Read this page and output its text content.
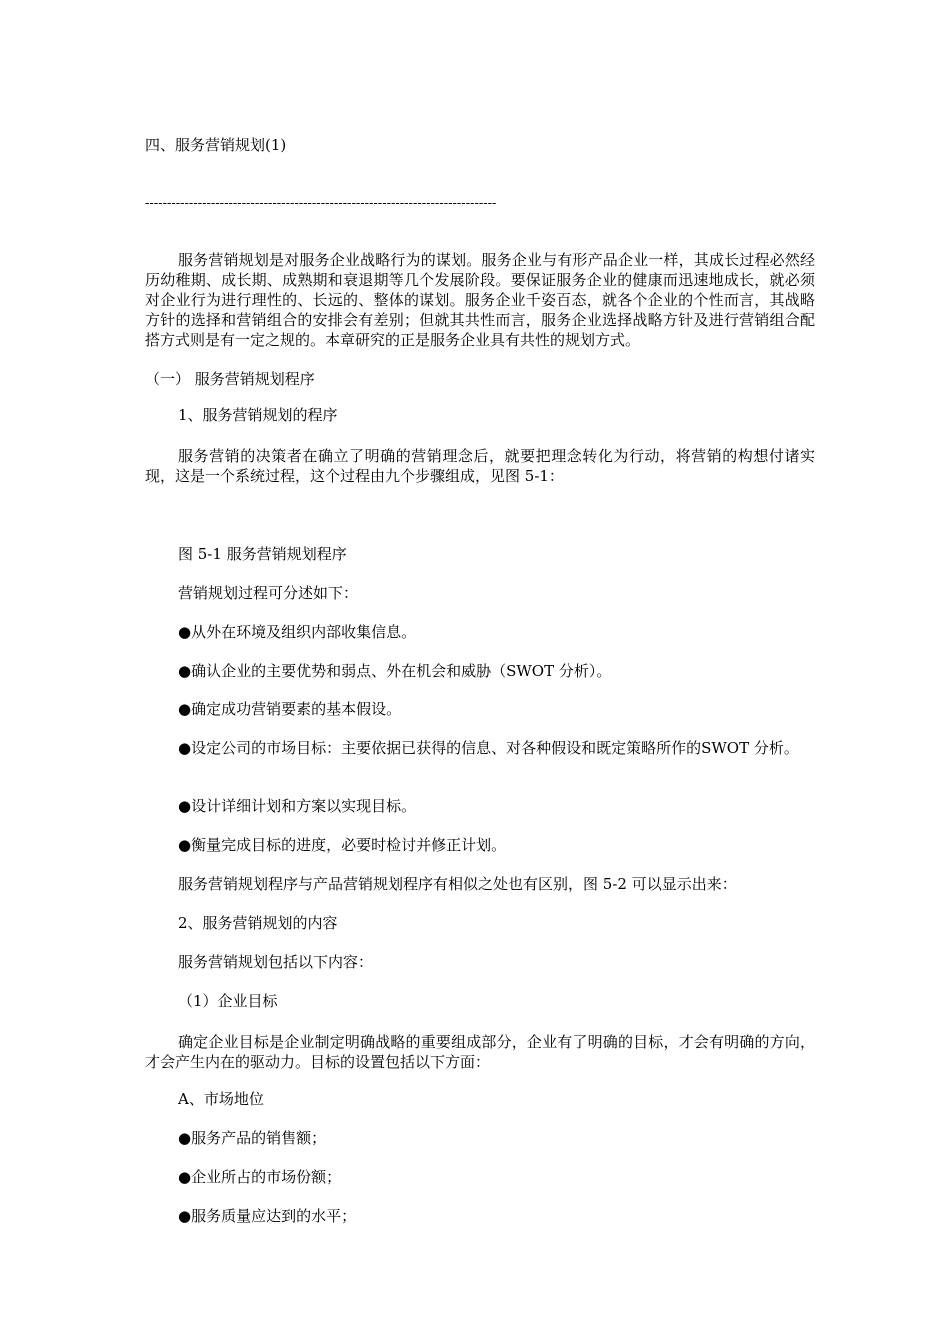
四、服务营销规划(1)

--------------------------------------------------------------------------------

服务营销规划是对服务企业战略行为的谋划。服务企业与有形产品企业一样，其成长过程必然经历幼稚期、成长期、成熟期和衰退期等几个发展阶段。要保证服务企业的健康而迅速地成长，就必须对企业行为进行理性的、长远的、整体的谋划。服务企业千姿百态，就各个企业的个性而言，其战略方针的选择和营销组合的安排会有差别；但就其共性而言，服务企业选择战略方针及进行营销组合配搭方式则是有一定之规的。本章研究的正是服务企业具有共性的规划方式。

（一） 服务营销规划程序

1、服务营销规划的程序

服务营销的决策者在确立了明确的营销理念后，就要把理念转化为行动，将营销的构想付诸实现，这是一个系统过程，这个过程由九个步骤组成，见图 5-1：

图 5-1 服务营销规划程序

营销规划过程可分述如下：

●从外在环境及组织内部收集信息。

●确认企业的主要优势和弱点、外在机会和威胁（SWOT 分析）。

●确定成功营销要素的基本假设。

●设定公司的市场目标：主要依据已获得的信息、对各种假设和既定策略所作的SWOT 分析。

●设计详细计划和方案以实现目标。

●衡量完成目标的进度，必要时检讨并修正计划。

服务营销规划程序与产品营销规划程序有相似之处也有区别，图 5-2 可以显示出来：

2、服务营销规划的内容

服务营销规划包括以下内容：

（1）企业目标

确定企业目标是企业制定明确战略的重要组成部分，企业有了明确的目标，才会有明确的方向，才会产生内在的驱动力。目标的设置包括以下方面：

A、市场地位

●服务产品的销售额；

●企业所占的市场份额；

●服务质量应达到的水平；
